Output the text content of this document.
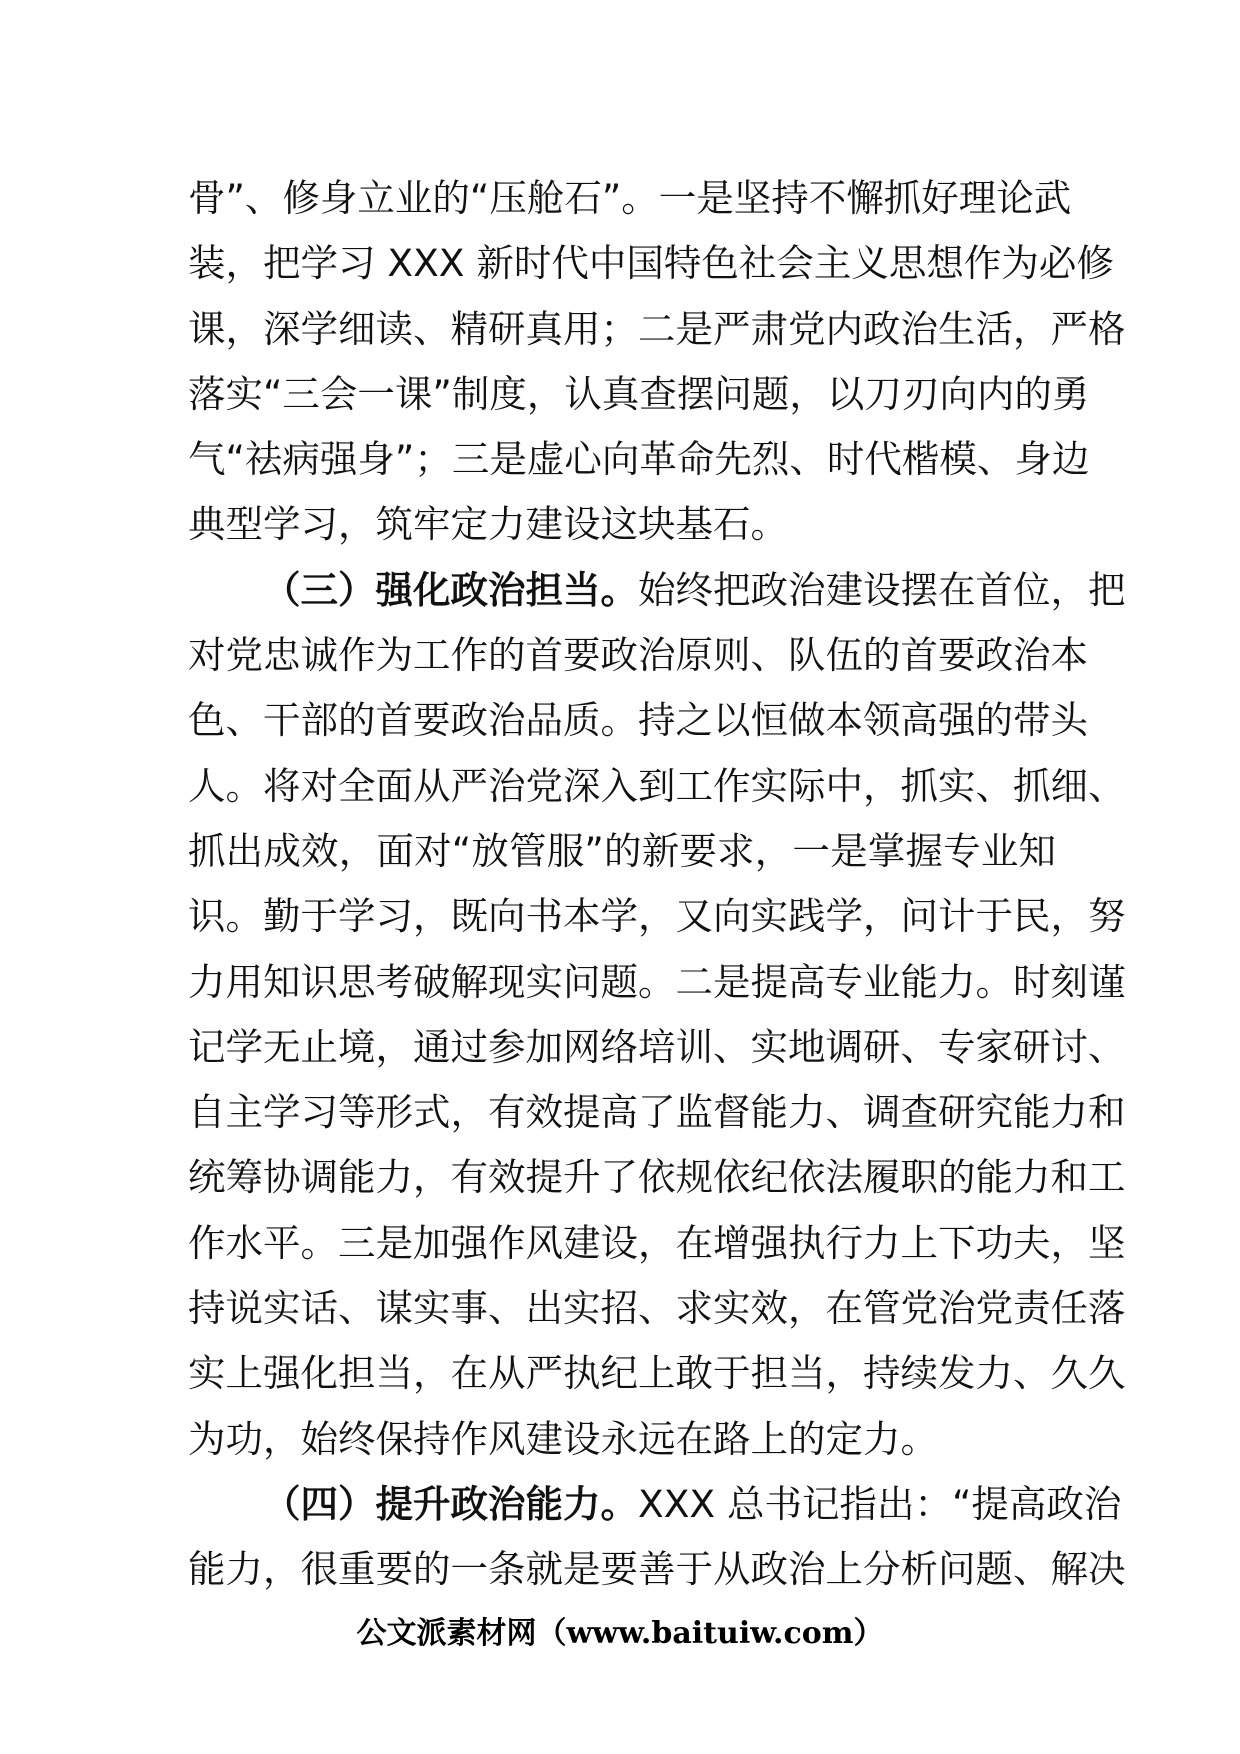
骨”、修身立业的“压舱石”。一是坚持不懈抓好理论武
装，把学习 XXX 新时代中国特色社会主义思想作为必修
课，深学细读、精研真用；二是严肃党内政治生活，严格
落实“三会一课”制度，认真查摆问题，以刀刃向内的勇
气“祛病强身”；三是虚心向革命先烈、时代楷模、身边
典型学习，筑牢定力建设这块基石。
（三）强化政治担当。始终把政治建设摆在首位，把
对党忠诚作为工作的首要政治原则、队伍的首要政治本
色、干部的首要政治品质。持之以恒做本领高强的带头
人。将对全面从严治党深入到工作实际中，抓实、抓细、
抓出成效，面对“放管服”的新要求，一是掌握专业知
识。勤于学习，既向书本学，又向实践学，问计于民，努
力用知识思考破解现实问题。二是提高专业能力。时刻谨
记学无止境，通过参加网络培训、实地调研、专家研讨、
自主学习等形式，有效提高了监督能力、调查研究能力和
统筹协调能力，有效提升了依规依纪依法履职的能力和工
作水平。三是加强作风建设，在增强执行力上下功夫，坚
持说实话、谋实事、出实招、求实效，在管党治党责任落
实上强化担当，在从严执纪上敢于担当，持续发力、久久
为功，始终保持作风建设永远在路上的定力。
（四）提升政治能力。XXX 总书记指出：“提高政治
能力，很重要的一条就是要善于从政治上分析问题、解决
公文派素材网（www.baituiw.com）
